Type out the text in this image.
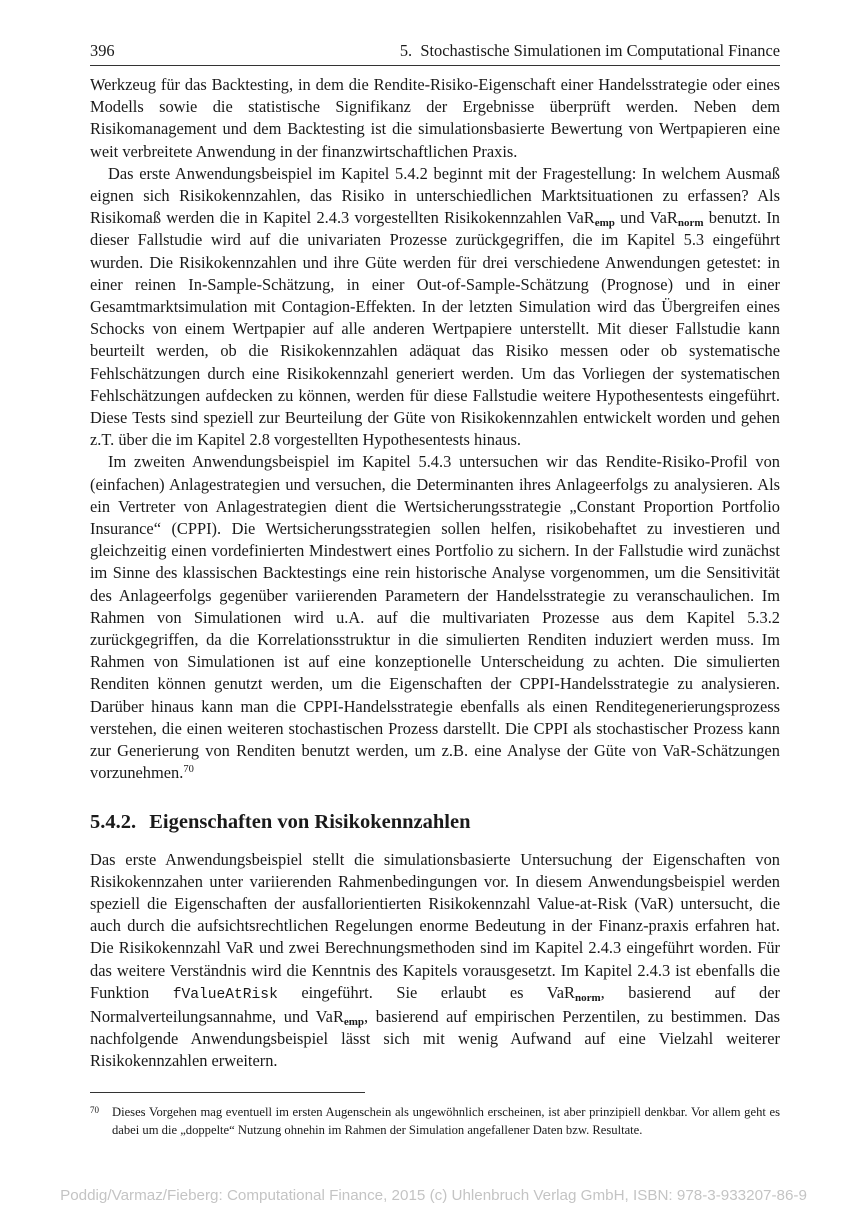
396	5. Stochastische Simulationen im Computational Finance

Werkzeug für das Backtesting, in dem die Rendite-Risiko-Eigenschaft einer Handelsstrategie oder eines Modells sowie die statistische Signifikanz der Ergebnisse überprüft werden. Neben dem Risikomanagement und dem Backtesting ist die simulationsbasierte Bewertung von Wertpapieren eine weit verbreitete Anwendung in der finanzwirtschaftlichen Praxis.

Das erste Anwendungsbeispiel im Kapitel 5.4.2 beginnt mit der Fragestellung: In welchem Ausmaß eignen sich Risikokennzahlen, das Risiko in unterschiedlichen Marktsituationen zu erfassen? Als Risikomaß werden die in Kapitel 2.4.3 vorgestellten Risikokennzahlen VaR$_{emp}$ und VaR$_{norm}$ benutzt. In dieser Fallstudie wird auf die univariaten Prozesse zurückgegriffen, die im Kapitel 5.3 eingeführt wurden. Die Risikokennzahlen und ihre Güte werden für drei verschiedene Anwendungen getestet: in einer reinen In-Sample-Schätzung, in einer Out-of-Sample-Schätzung (Prognose) und in einer Gesamtmarktsimulation mit Contagion-Effekten. In der letzten Simulation wird das Übergreifen eines Schocks von einem Wertpapier auf alle anderen Wertpapiere unterstellt. Mit dieser Fallstudie kann beurteilt werden, ob die Risikokennzahlen adäquat das Risiko messen oder ob systematische Fehlschätzungen durch eine Risikokennzahl generiert werden. Um das Vorliegen der systematischen Fehlschätzungen aufdecken zu können, werden für diese Fallstudie weitere Hypothesentests eingeführt. Diese Tests sind speziell zur Beurteilung der Güte von Risikokennzahlen entwickelt worden und gehen z.T. über die im Kapitel 2.8 vorgestellten Hypothesentests hinaus.

Im zweiten Anwendungsbeispiel im Kapitel 5.4.3 untersuchen wir das Rendite-Risiko-Profil von (einfachen) Anlagestrategien und versuchen, die Determinanten ihres Anlageerfolgs zu analysieren. Als ein Vertreter von Anlagestrategien dient die Wertsicherungsstrategie „Constant Proportion Portfolio Insurance“ (CPPI). Die Wertsicherungsstrategien sollen helfen, risikobehaftet zu investieren und gleichzeitig einen vordefinierten Mindestwert eines Portfolio zu sichern. In der Fallstudie wird zunächst im Sinne des klassischen Backtestings eine rein historische Analyse vorgenommen, um die Sensitivität des Anlageerfolgs gegenüber variierenden Parametern der Handelsstrategie zu veranschaulichen. Im Rahmen von Simulationen wird u.A. auf die multivariaten Prozesse aus dem Kapitel 5.3.2 zurückgegriffen, da die Korrelationsstruktur in die simulierten Renditen induziert werden muss. Im Rahmen von Simulationen ist auf eine konzeptionelle Unterscheidung zu achten. Die simulierten Renditen können genutzt werden, um die Eigenschaften der CPPI-Handelsstrategie zu analysieren. Darüber hinaus kann man die CPPI-Handelsstrategie ebenfalls als einen Renditegenerierungsprozess verstehen, die einen weiteren stochastischen Prozess darstellt. Die CPPI als stochastischer Prozess kann zur Generierung von Renditen benutzt werden, um z.B. eine Analyse der Güte von VaR-Schätzungen vorzunehmen.$^{70}$

5.4.2. Eigenschaften von Risikokennzahlen

Das erste Anwendungsbeispiel stellt die simulationsbasierte Untersuchung der Eigenschaften von Risikokennzahen unter variierenden Rahmenbedingungen vor. In diesem Anwendungsbeispiel werden speziell die Eigenschaften der ausfallorientierten Risikokennzahl Value-at-Risk (VaR) untersucht, die auch durch die aufsichtsrechtlichen Regelungen enorme Bedeutung in der Finanz-praxis erfahren hat. Die Risikokennzahl VaR und zwei Berechnungsmethoden sind im Kapitel 2.4.3 eingeführt worden. Für das weitere Verständnis wird die Kenntnis des Kapitels vorausgesetzt. Im Kapitel 2.4.3 ist ebenfalls die Funktion fValueAtRisk eingeführt. Sie erlaubt es VaR$_{norm}$, basierend auf der Normalverteilungsannahme, und VaR$_{emp}$, basierend auf empirischen Perzentilen, zu bestimmen. Das nachfolgende Anwendungsbeispiel lässt sich mit wenig Aufwand auf eine Vielzahl weiterer Risikokennzahlen erweitern.

70	Dieses Vorgehen mag eventuell im ersten Augenschein als ungewöhnlich erscheinen, ist aber prinzipiell denkbar. Vor allem geht es dabei um die „doppelte“ Nutzung ohnehin im Rahmen der Simulation angefallener Daten bzw. Resultate.
Poddig/Varmaz/Fieberg: Computational Finance, 2015 (c) Uhlenbruch Verlag GmbH, ISBN: 978-3-933207-86-9
